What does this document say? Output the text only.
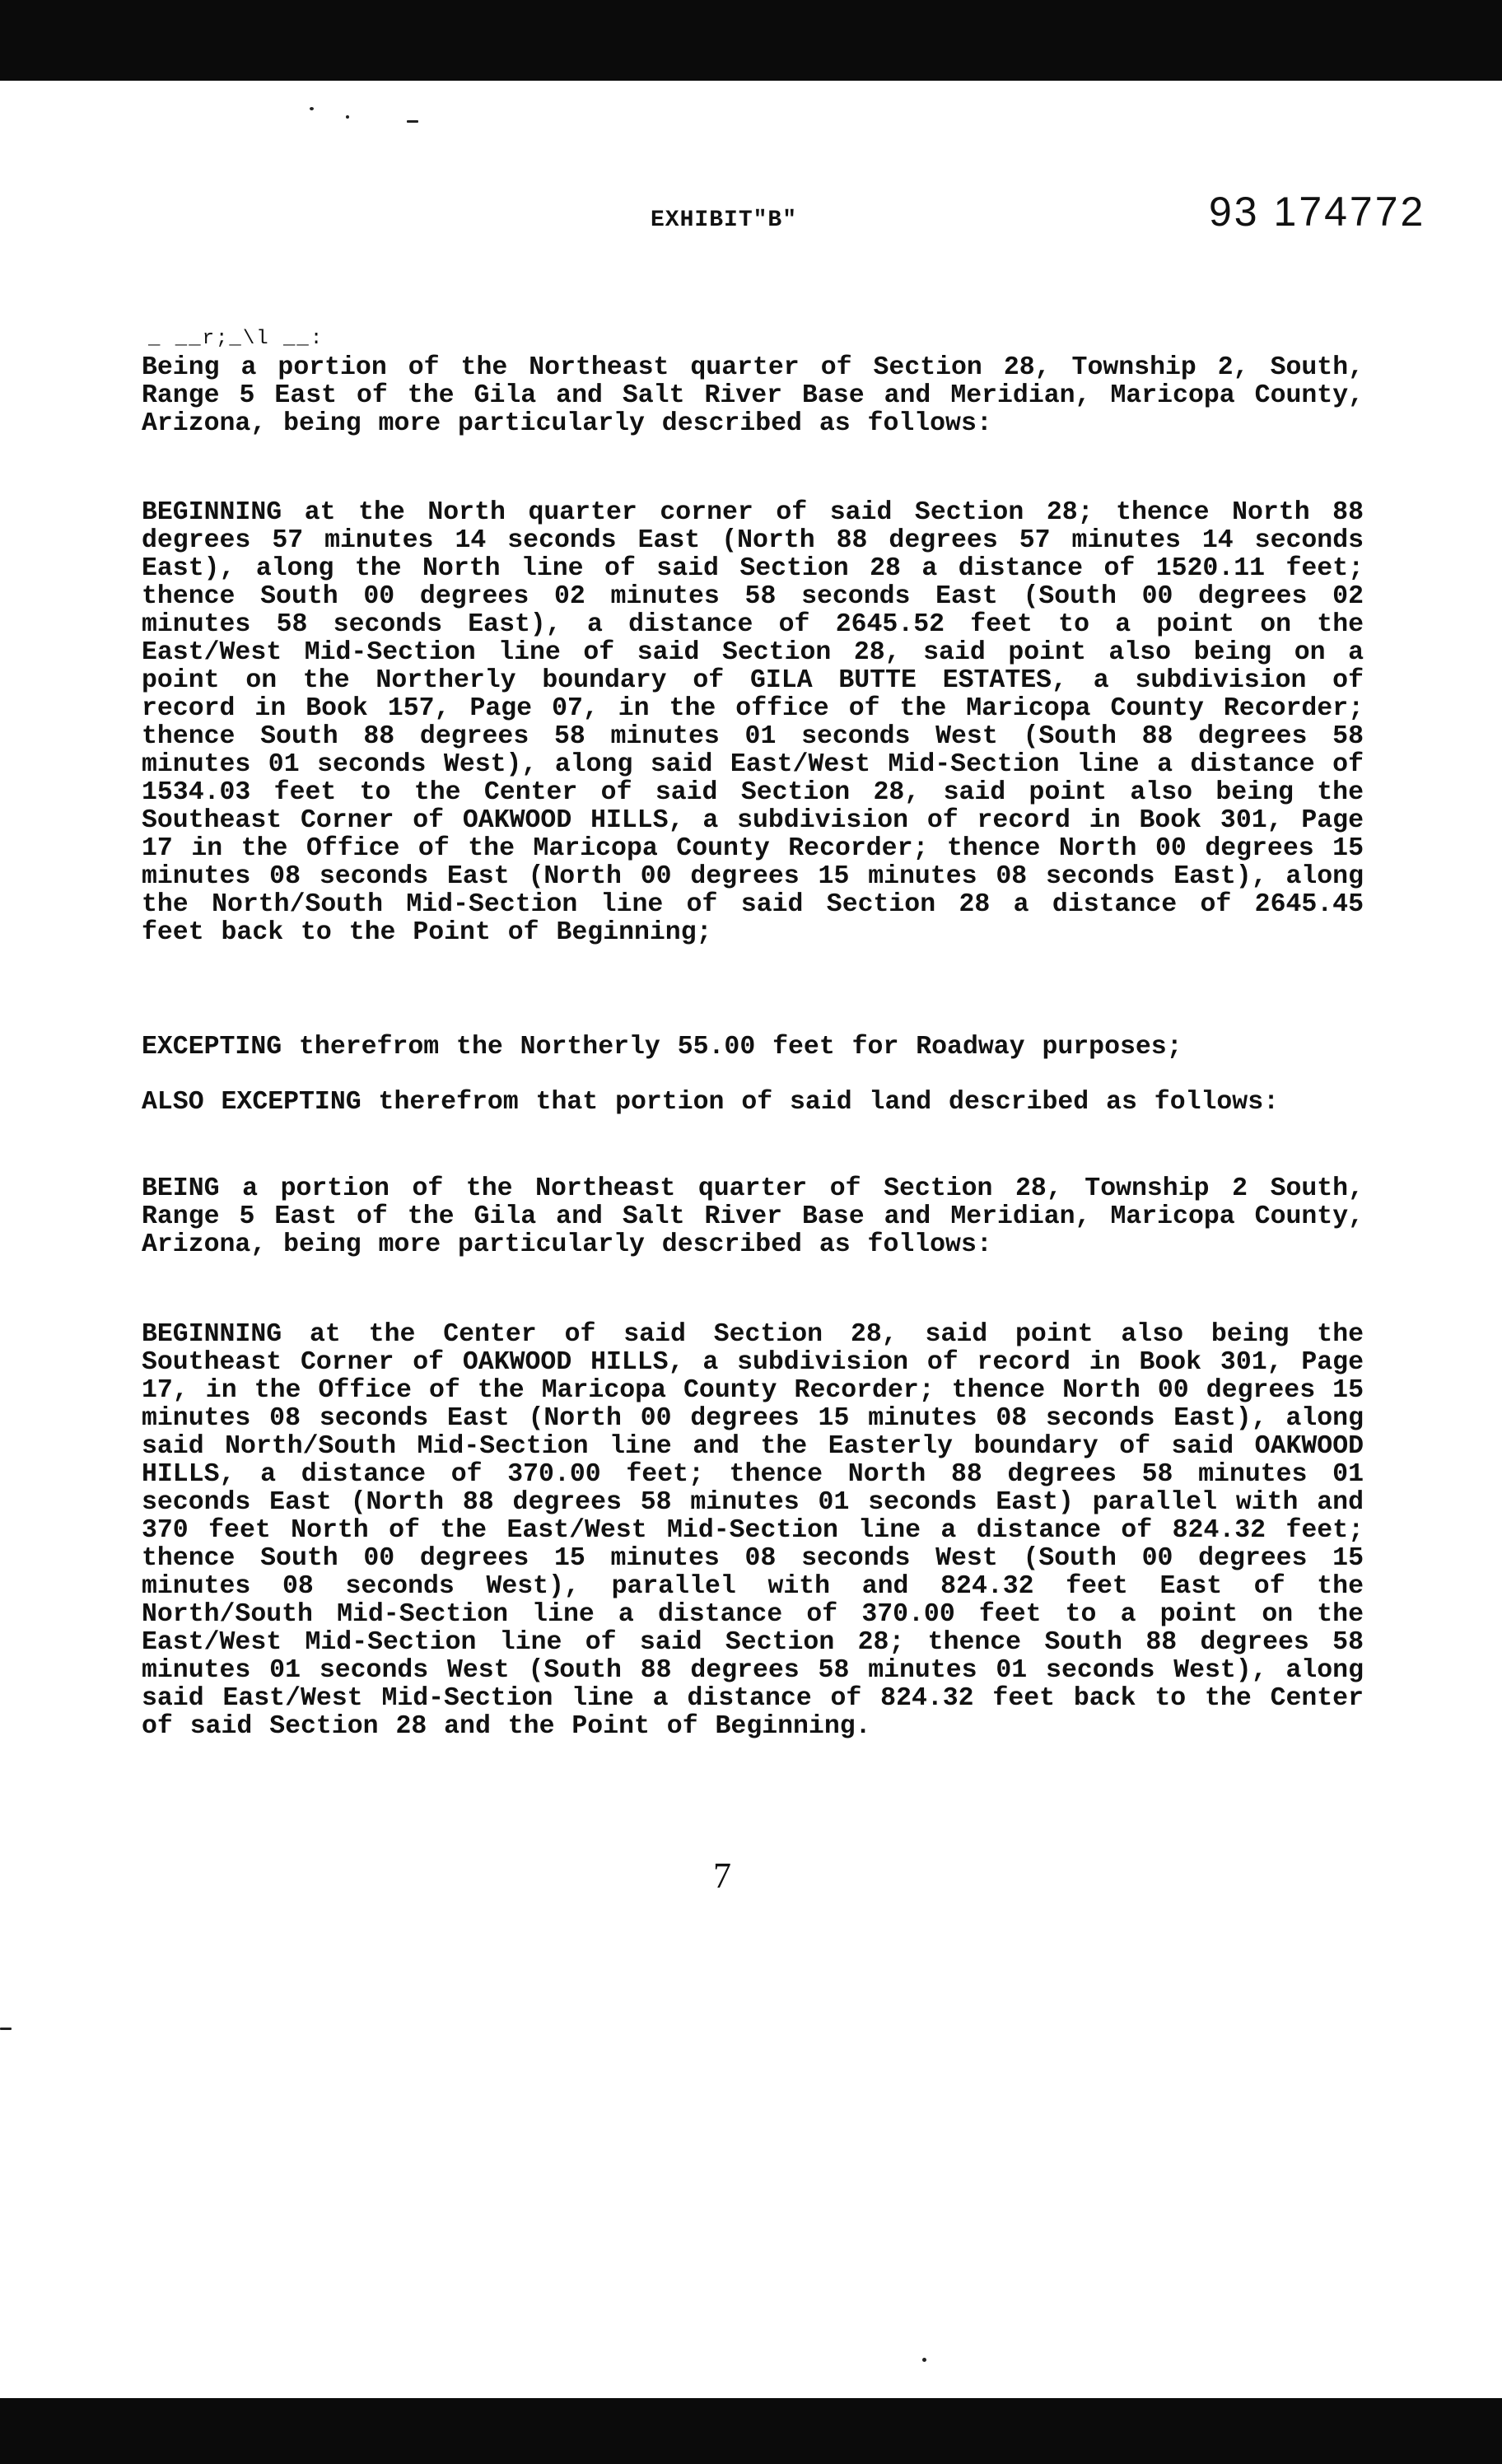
EXHIBIT"B"	93 174772
_ __r;_\l __:
Being a portion of the Northeast quarter of Section 28, Township 2, South, Range 5 East of the Gila and Salt River Base and Meridian, Maricopa County, Arizona, being more particularly described as follows:
BEGINNING at the North quarter corner of said Section 28; thence North 88 degrees 57 minutes 14 seconds East (North 88 degrees 57 minutes 14 seconds East), along the North line of said Section 28 a distance of 1520.11 feet; thence South 00 degrees 02 minutes 58 seconds East (South 00 degrees 02 minutes 58 seconds East), a distance of 2645.52 feet to a point on the East/West Mid-Section line of said Section 28, said point also being on a point on the Northerly boundary of GILA BUTTE ESTATES, a subdivision of record in Book 157, Page 07, in the office of the Maricopa County Recorder; thence South 88 degrees 58 minutes 01 seconds West (South 88 degrees 58 minutes 01 seconds West), along said East/West Mid-Section line a distance of 1534.03 feet to the Center of said Section 28, said point also being the Southeast Corner of OAKWOOD HILLS, a subdivision of record in Book 301, Page 17 in the Office of the Maricopa County Recorder; thence North 00 degrees 15 minutes 08 seconds East (North 00 degrees 15 minutes 08 seconds East), along the North/South Mid-Section line of said Section 28 a distance of 2645.45 feet back to the Point of Beginning;
EXCEPTING therefrom the Northerly 55.00 feet for Roadway purposes;
ALSO EXCEPTING therefrom that portion of said land described as follows:
BEING a portion of the Northeast quarter of Section 28, Township 2 South, Range 5 East of the Gila and Salt River Base and Meridian, Maricopa County, Arizona, being more particularly described as follows:
BEGINNING at the Center of said Section 28, said point also being the Southeast Corner of OAKWOOD HILLS, a subdivision of record in Book 301, Page 17, in the Office of the Maricopa County Recorder; thence North 00 degrees 15 minutes 08 seconds East (North 00 degrees 15 minutes 08 seconds East), along said North/South Mid-Section line and the Easterly boundary of said OAKWOOD HILLS, a distance of 370.00 feet; thence North 88 degrees 58 minutes 01 seconds East (North 88 degrees 58 minutes 01 seconds East) parallel with and 370 feet North of the East/West Mid-Section line a distance of 824.32 feet; thence South 00 degrees 15 minutes 08 seconds West (South 00 degrees 15 minutes 08 seconds West), parallel with and 824.32 feet East of the North/South Mid-Section line a distance of 370.00 feet to a point on the East/West Mid-Section line of said Section 28; thence South 88 degrees 58 minutes 01 seconds West (South 88 degrees 58 minutes 01 seconds West), along said East/West Mid-Section line a distance of 824.32 feet back to the Center of said Section 28 and the Point of Beginning.
7
